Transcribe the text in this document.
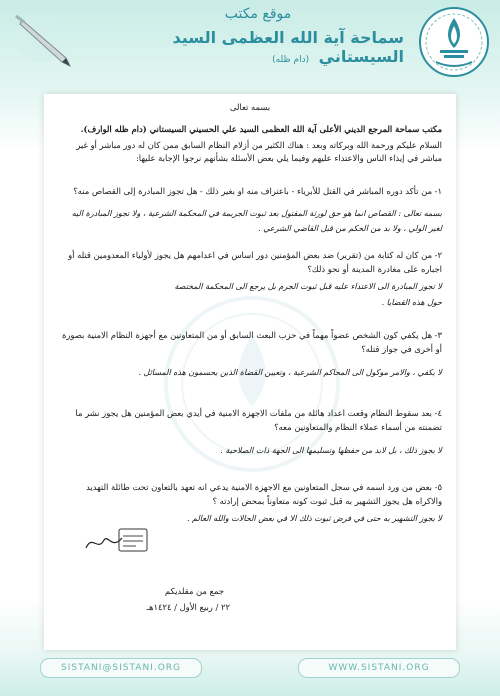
موقع مكتب
سماحة آية الله العظمى السيد السيستاني (دام ظله)
بسمه تعالى
مكتب سماحة المرجع الديني الأعلى آية الله العظمى السيد علي الحسيني السيستاني (دام ظله الوارف).
السلام عليكم ورحمة الله وبركاته وبعد : هناك الكثير من أزلام النظام السابق ممن كان له دور مباشر أو غير
مباشر في إيذاء الناس والاعتداء عليهم وفيما يلي بعض الأسئلة بشأنهم نرجوا الإجابة عليها:
١- من تأكد دوره المباشر في القتل للأبرياء - باعتراف منه او بغير ذلك - هل تجوز المبادرة إلى القصاص منه؟
بسمه تعالى : القصاص انما هو حق لورثة المقتول بعد ثبوت الجريمة في المحكمة الشرعية ، ولا تجوز المبادرة اليه
لغير الولي ، ولا بد من الحكم من قبل القاضي الشرعي .
٢- من كان له كتابة من (تقرير) ضد بعض المؤمنين دور اساس في اعدامهم هل يجوز لأولياء المعدومين قتله أو
اجباره على مغادرة المدينة أو نحو ذلك؟
لا تجوز المبادرة الى الاعتداء عليه قبل ثبوت الجرم بل يرجع الى المحكمة المختصة
حول هذه القضايا .
٣- هل يكفي كون الشخص عضواً مهماً في حزب البعث السابق أو من المتعاونين مع أجهزة النظام الامنية بصورة
أو أخرى في جواز قتله؟
لا يكفي ، والامر موكول الى المحاكم الشرعية ، وتعيين القضاة الذين يحسمون هذه المسائل .
٤- بعد سقوط النظام وقعت اعداد هائلة من ملفات الاجهزة الامنية في أيدي بعض المؤمنين هل يجوز نشر ما
تضمنته من أسماء عملاء النظام والمتعاونين معه؟
لا يجوز ذلك ، بل لابد من حفظها وتسليمها الى الجهة ذات الصلاحية .
٥- بعض من ورد اسمه في سجل المتعاونين مع الاجهزة الامنية يدعي انه تعهد بالتعاون تحت طائلة التهديد
والاكراه هل يجوز التشهير به قبل ثبوت كونه متعاوناً بمحض إرادته ؟
لا يجوز التشهير به حتى في فرض ثبوت ذلك الا في بعض الحالات والله العالم .
جمع من مقلديكم
٢٢ / ربيع الأول / ١٤٢٤هـ
SISTANI@SISTANI.ORG	WWW.SISTANI.ORG
